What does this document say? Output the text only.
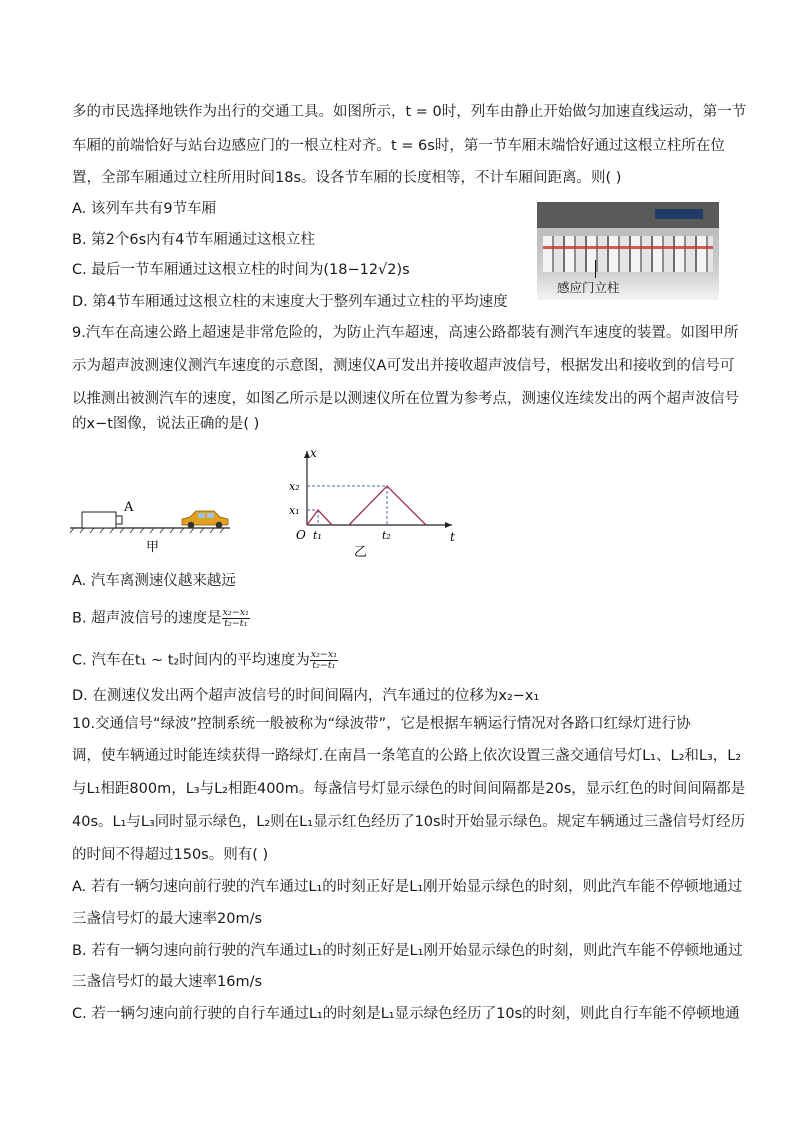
多的市民选择地铁作为出行的交通工具。如图所示，t = 0时，列车由静止开始做匀加速直线运动，第一节
车厢的前端恰好与站台边感应门的一根立柱对齐。t = 6s时，第一节车厢末端恰好通过这根立柱所在位
置，全部车厢通过立柱所用时间18s。设各节车厢的长度相等，不计车厢间距离。则( )
A. 该列车共有9节车厢
B. 第2个6s内有4节车厢通过这根立柱
C. 最后一节车厢通过这根立柱的时间为(18−12√2)s
D. 第4节车厢通过这根立柱的末速度大于整列车通过立柱的平均速度
感应门立柱
9.汽车在高速公路上超速是非常危险的，为防止汽车超速，高速公路都装有测汽车速度的装置。如图甲所
示为超声波测速仪测汽车速度的示意图，测速仪A可发出并接收超声波信号，根据发出和接收到的信号可
以推测出被测汽车的速度，如图乙所示是以测速仪所在位置为参考点，测速仪连续发出的两个超声波信号
的x−t图像，说法正确的是( )
A
甲
x
t
O
x₂
x₁
t₁	t₂
乙
A. 汽车离测速仪越来越远
B. 超声波信号的速度是 $\frac{\text{x₂−x₁}}{\text{t₂−t₁}}$
C. 汽车在t₁ ~ t₂时间内的平均速度为 $\frac{\text{x₂−x₁}}{\text{t₂−t₁}}$
D. 在测速仪发出两个超声波信号的时间间隔内，汽车通过的位移为x₂−x₁
10.交通信号“绿波”控制系统一般被称为“绿波带”，它是根据车辆运行情况对各路口红绿灯进行协
调，使车辆通过时能连续获得一路绿灯.在南昌一条笔直的公路上依次设置三盏交通信号灯L₁、L₂和L₃，L₂
与L₁相距800m，L₃与L₂相距400m。每盏信号灯显示绿色的时间间隔都是20s，显示红色的时间间隔都是
40s。L₁与L₃同时显示绿色，L₂则在L₁显示红色经历了10s时开始显示绿色。规定车辆通过三盏信号灯经历
的时间不得超过150s。则有( )
A. 若有一辆匀速向前行驶的汽车通过L₁的时刻正好是L₁刚开始显示绿色的时刻，则此汽车能不停顿地通过
三盏信号灯的最大速率20m/s
B. 若有一辆匀速向前行驶的汽车通过L₁的时刻正好是L₁刚开始显示绿色的时刻，则此汽车能不停顿地通过
三盏信号灯的最大速率16m/s
C. 若一辆匀速向前行驶的自行车通过L₁的时刻是L₁显示绿色经历了10s的时刻，则此自行车能不停顿地通
